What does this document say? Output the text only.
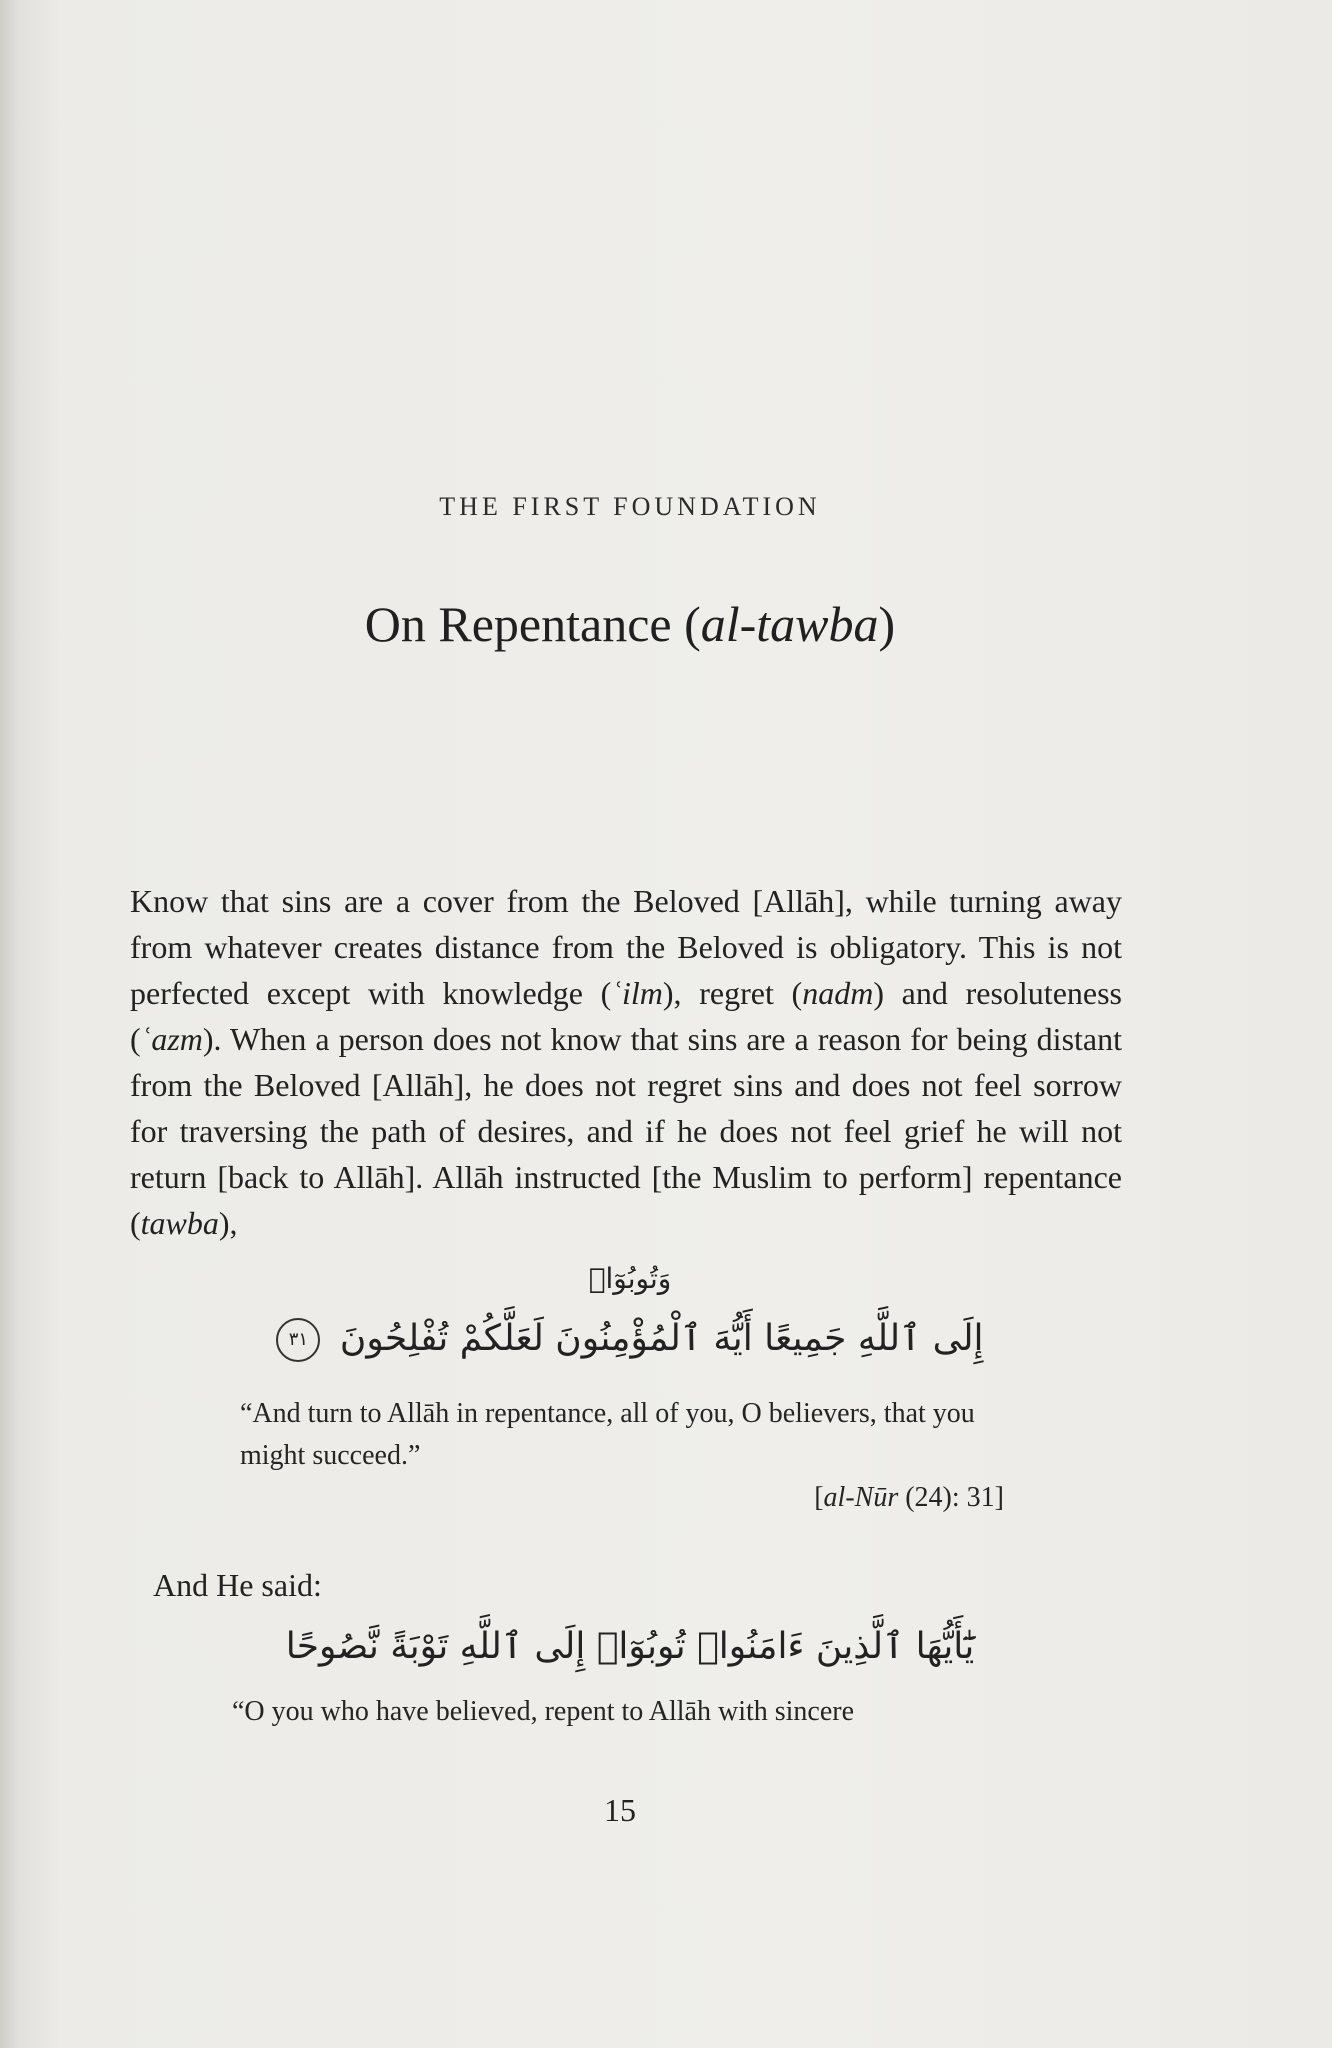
THE FIRST FOUNDATION
On Repentance (al-tawba)
Know that sins are a cover from the Beloved [Allāh], while turning away from whatever creates distance from the Beloved is obligatory. This is not perfected except with knowledge (ʿilm), regret (nadm) and resoluteness (ʿazm). When a person does not know that sins are a reason for being distant from the Beloved [Allāh], he does not regret sins and does not feel sorrow for traversing the path of desires, and if he does not feel grief he will not return [back to Allāh]. Allāh instructed [the Muslim to perform] repentance (tawba),
وَتُوبُوٓا۟
إِلَى ٱللَّهِ جَمِيعًا أَيُّهَ ٱلْمُؤْمِنُونَ لَعَلَّكُمْ تُفْلِحُونَ ٣١
“And turn to Allāh in repentance, all of you, O believers, that you might succeed.”
[al-Nūr (24): 31]
And He said:
يَٰٓأَيُّهَا ٱلَّذِينَ ءَامَنُوا۟ تُوبُوٓا۟ إِلَى ٱللَّهِ تَوْبَةً نَّصُوحًا
“O you who have believed, repent to Allāh with sincere
15
